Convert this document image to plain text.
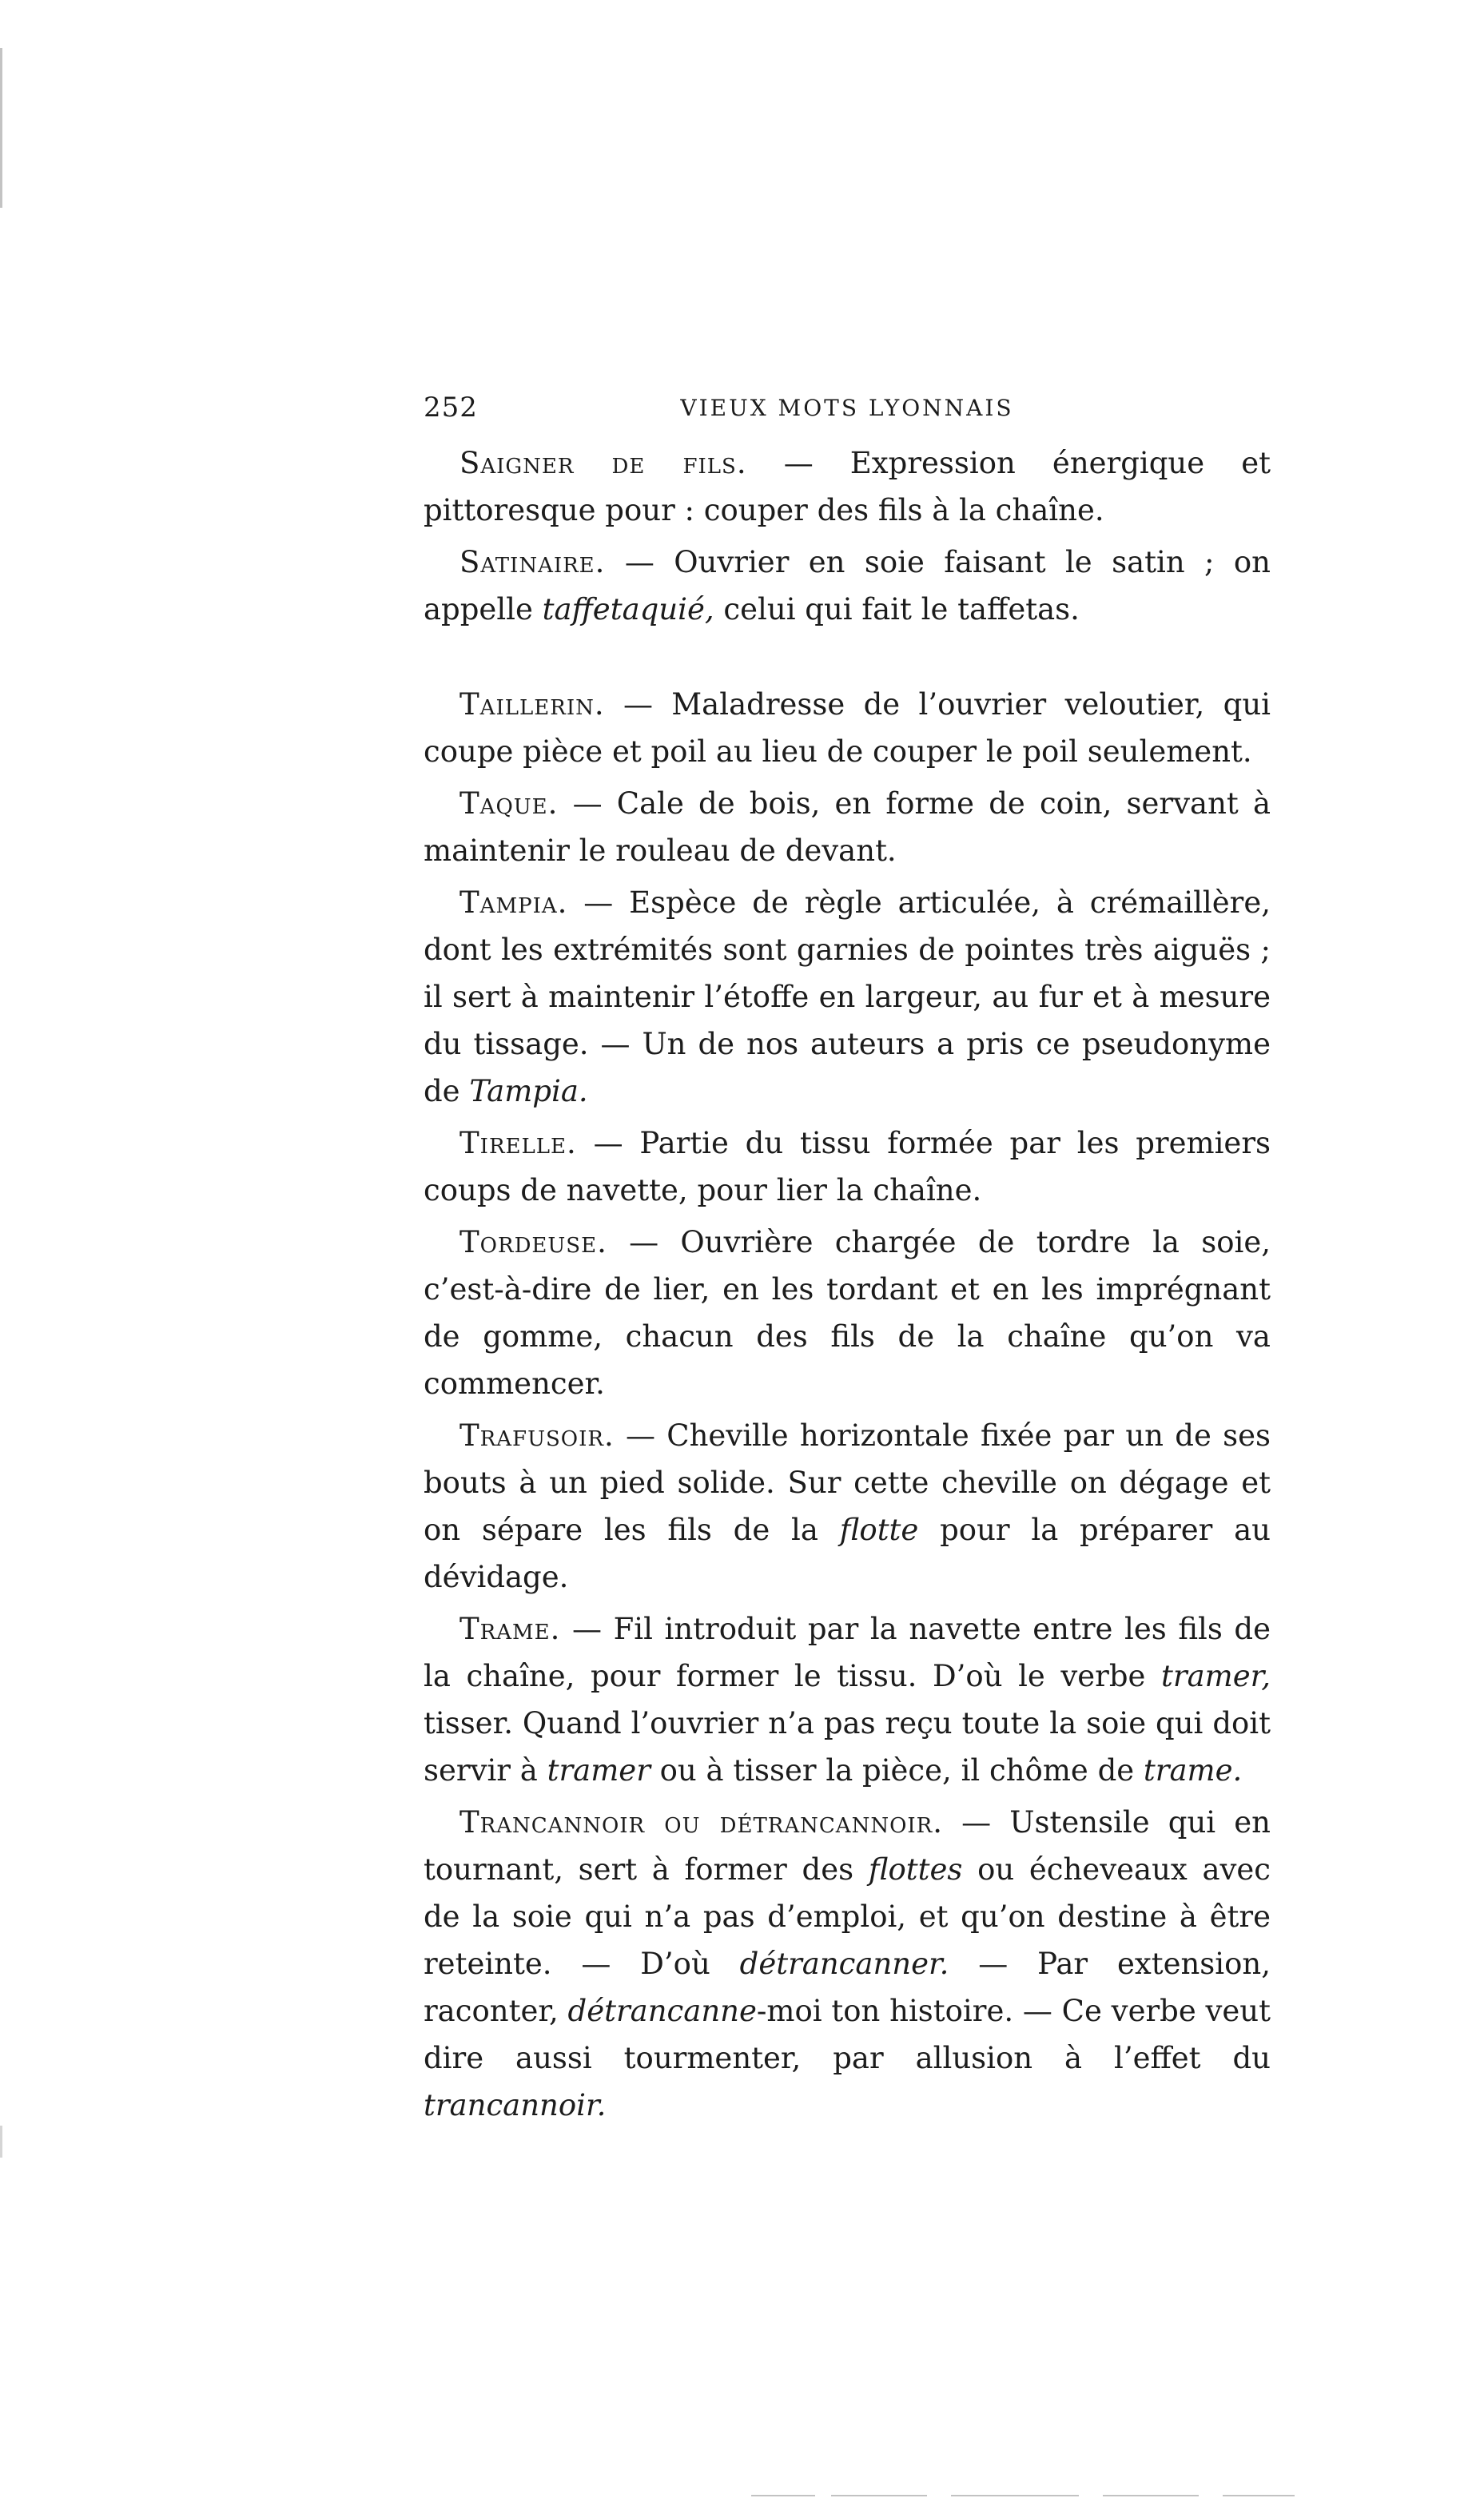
252	VIEUX MOTS LYONNAIS

Saigner de fils. — Expression énergique et pittoresque pour : couper des fils à la chaîne.

Satinaire. — Ouvrier en soie faisant le satin ; on appelle taffetaquié, celui qui fait le taffetas.

Taillerin. — Maladresse de l’ouvrier veloutier, qui coupe pièce et poil au lieu de couper le poil seulement.

Taque. — Cale de bois, en forme de coin, servant à maintenir le rouleau de devant.

Tampia. — Espèce de règle articulée, à crémaillère, dont les extrémités sont garnies de pointes très aiguës ; il sert à maintenir l’étoffe en largeur, au fur et à mesure du tissage. — Un de nos auteurs a pris ce pseudonyme de Tampia.

Tirelle. — Partie du tissu formée par les premiers coups de navette, pour lier la chaîne.

Tordeuse. — Ouvrière chargée de tordre la soie, c’est-à-dire de lier, en les tordant et en les imprégnant de gomme, chacun des fils de la chaîne qu’on va commencer.

Trafusoir. — Cheville horizontale fixée par un de ses bouts à un pied solide. Sur cette cheville on dégage et on sépare les fils de la flotte pour la préparer au dévidage.

Trame. — Fil introduit par la navette entre les fils de la chaîne, pour former le tissu. D’où le verbe tramer, tisser. Quand l’ouvrier n’a pas reçu toute la soie qui doit servir à tramer ou à tisser la pièce, il chôme de trame.

Trancannoir ou détrancannoir. — Ustensile qui en tournant, sert à former des flottes ou écheveaux avec de la soie qui n’a pas d’emploi, et qu’on destine à être reteinte. — D’où détrancanner. — Par extension, raconter, détrancanne-moi ton histoire. — Ce verbe veut dire aussi tourmenter, par allusion à l’effet du trancannoir.
